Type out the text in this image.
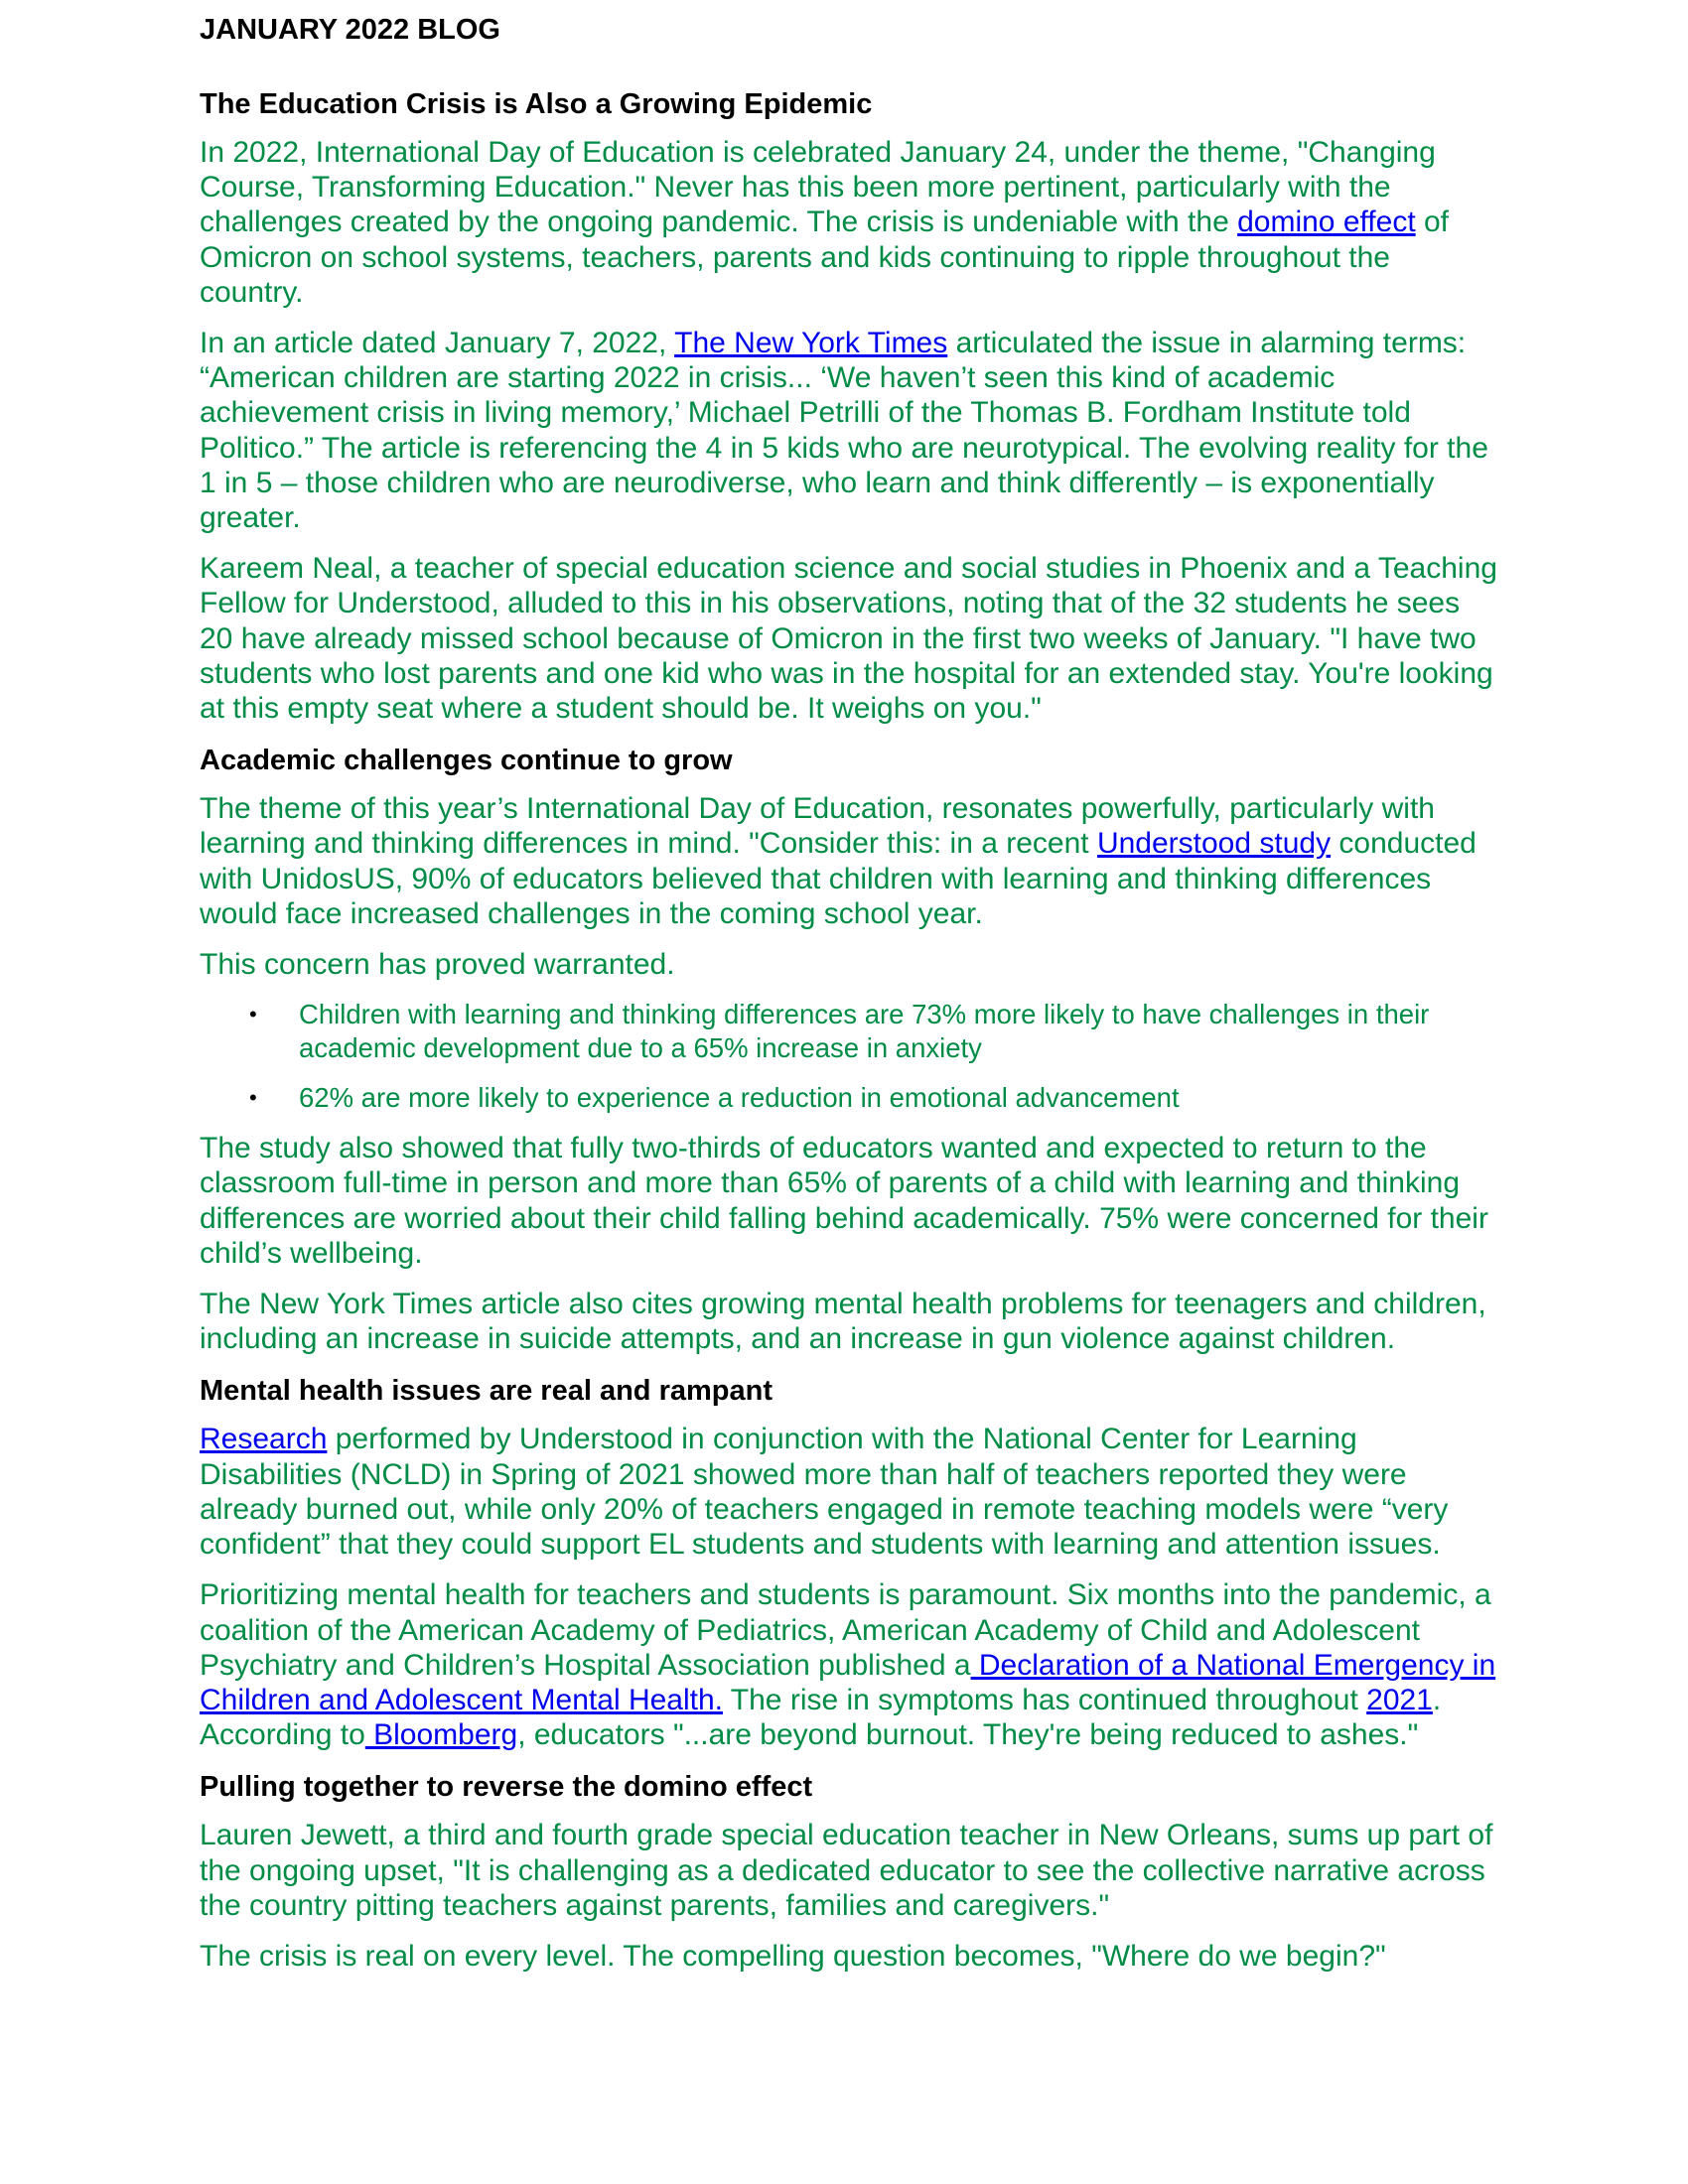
JANUARY 2022 BLOG
The Education Crisis is Also a Growing Epidemic

In 2022, International Day of Education is celebrated January 24, under the theme, "Changing Course, Transforming Education." Never has this been more pertinent, particularly with the challenges created by the ongoing pandemic. The crisis is undeniable with the domino effect of Omicron on school systems, teachers, parents and kids continuing to ripple throughout the country.

In an article dated January 7, 2022, The New York Times articulated the issue in alarming terms: “American children are starting 2022 in crisis... ‘We haven’t seen this kind of academic achievement crisis in living memory,’ Michael Petrilli of the Thomas B. Fordham Institute told Politico.” The article is referencing the 4 in 5 kids who are neurotypical. The evolving reality for the 1 in 5 – those children who are neurodiverse, who learn and think differently – is exponentially greater.

Kareem Neal, a teacher of special education science and social studies in Phoenix and a Teaching Fellow for Understood, alluded to this in his observations, noting that of the 32 students he sees 20 have already missed school because of Omicron in the first two weeks of January. "I have two students who lost parents and one kid who was in the hospital for an extended stay. You're looking at this empty seat where a student should be. It weighs on you."

Academic challenges continue to grow

The theme of this year’s International Day of Education, resonates powerfully, particularly with learning and thinking differences in mind. "Consider this: in a recent Understood study conducted with UnidosUS, 90% of educators believed that children with learning and thinking differences would face increased challenges in the coming school year.

This concern has proved warranted.

• Children with learning and thinking differences are 73% more likely to have challenges in their academic development due to a 65% increase in anxiety
• 62% are more likely to experience a reduction in emotional advancement

The study also showed that fully two-thirds of educators wanted and expected to return to the classroom full-time in person and more than 65% of parents of a child with learning and thinking differences are worried about their child falling behind academically. 75% were concerned for their child’s wellbeing.

The New York Times article also cites growing mental health problems for teenagers and children, including an increase in suicide attempts, and an increase in gun violence against children.

Mental health issues are real and rampant

Research performed by Understood in conjunction with the National Center for Learning Disabilities (NCLD) in Spring of 2021 showed more than half of teachers reported they were already burned out, while only 20% of teachers engaged in remote teaching models were “very confident” that they could support EL students and students with learning and attention issues.

Prioritizing mental health for teachers and students is paramount. Six months into the pandemic, a coalition of the American Academy of Pediatrics, American Academy of Child and Adolescent Psychiatry and Children’s Hospital Association published a Declaration of a National Emergency in Children and Adolescent Mental Health. The rise in symptoms has continued throughout 2021. According to Bloomberg, educators "...are beyond burnout. They're being reduced to ashes."

Pulling together to reverse the domino effect

Lauren Jewett, a third and fourth grade special education teacher in New Orleans, sums up part of the ongoing upset, "It is challenging as a dedicated educator to see the collective narrative across the country pitting teachers against parents, families and caregivers."

The crisis is real on every level. The compelling question becomes, "Where do we begin?"
